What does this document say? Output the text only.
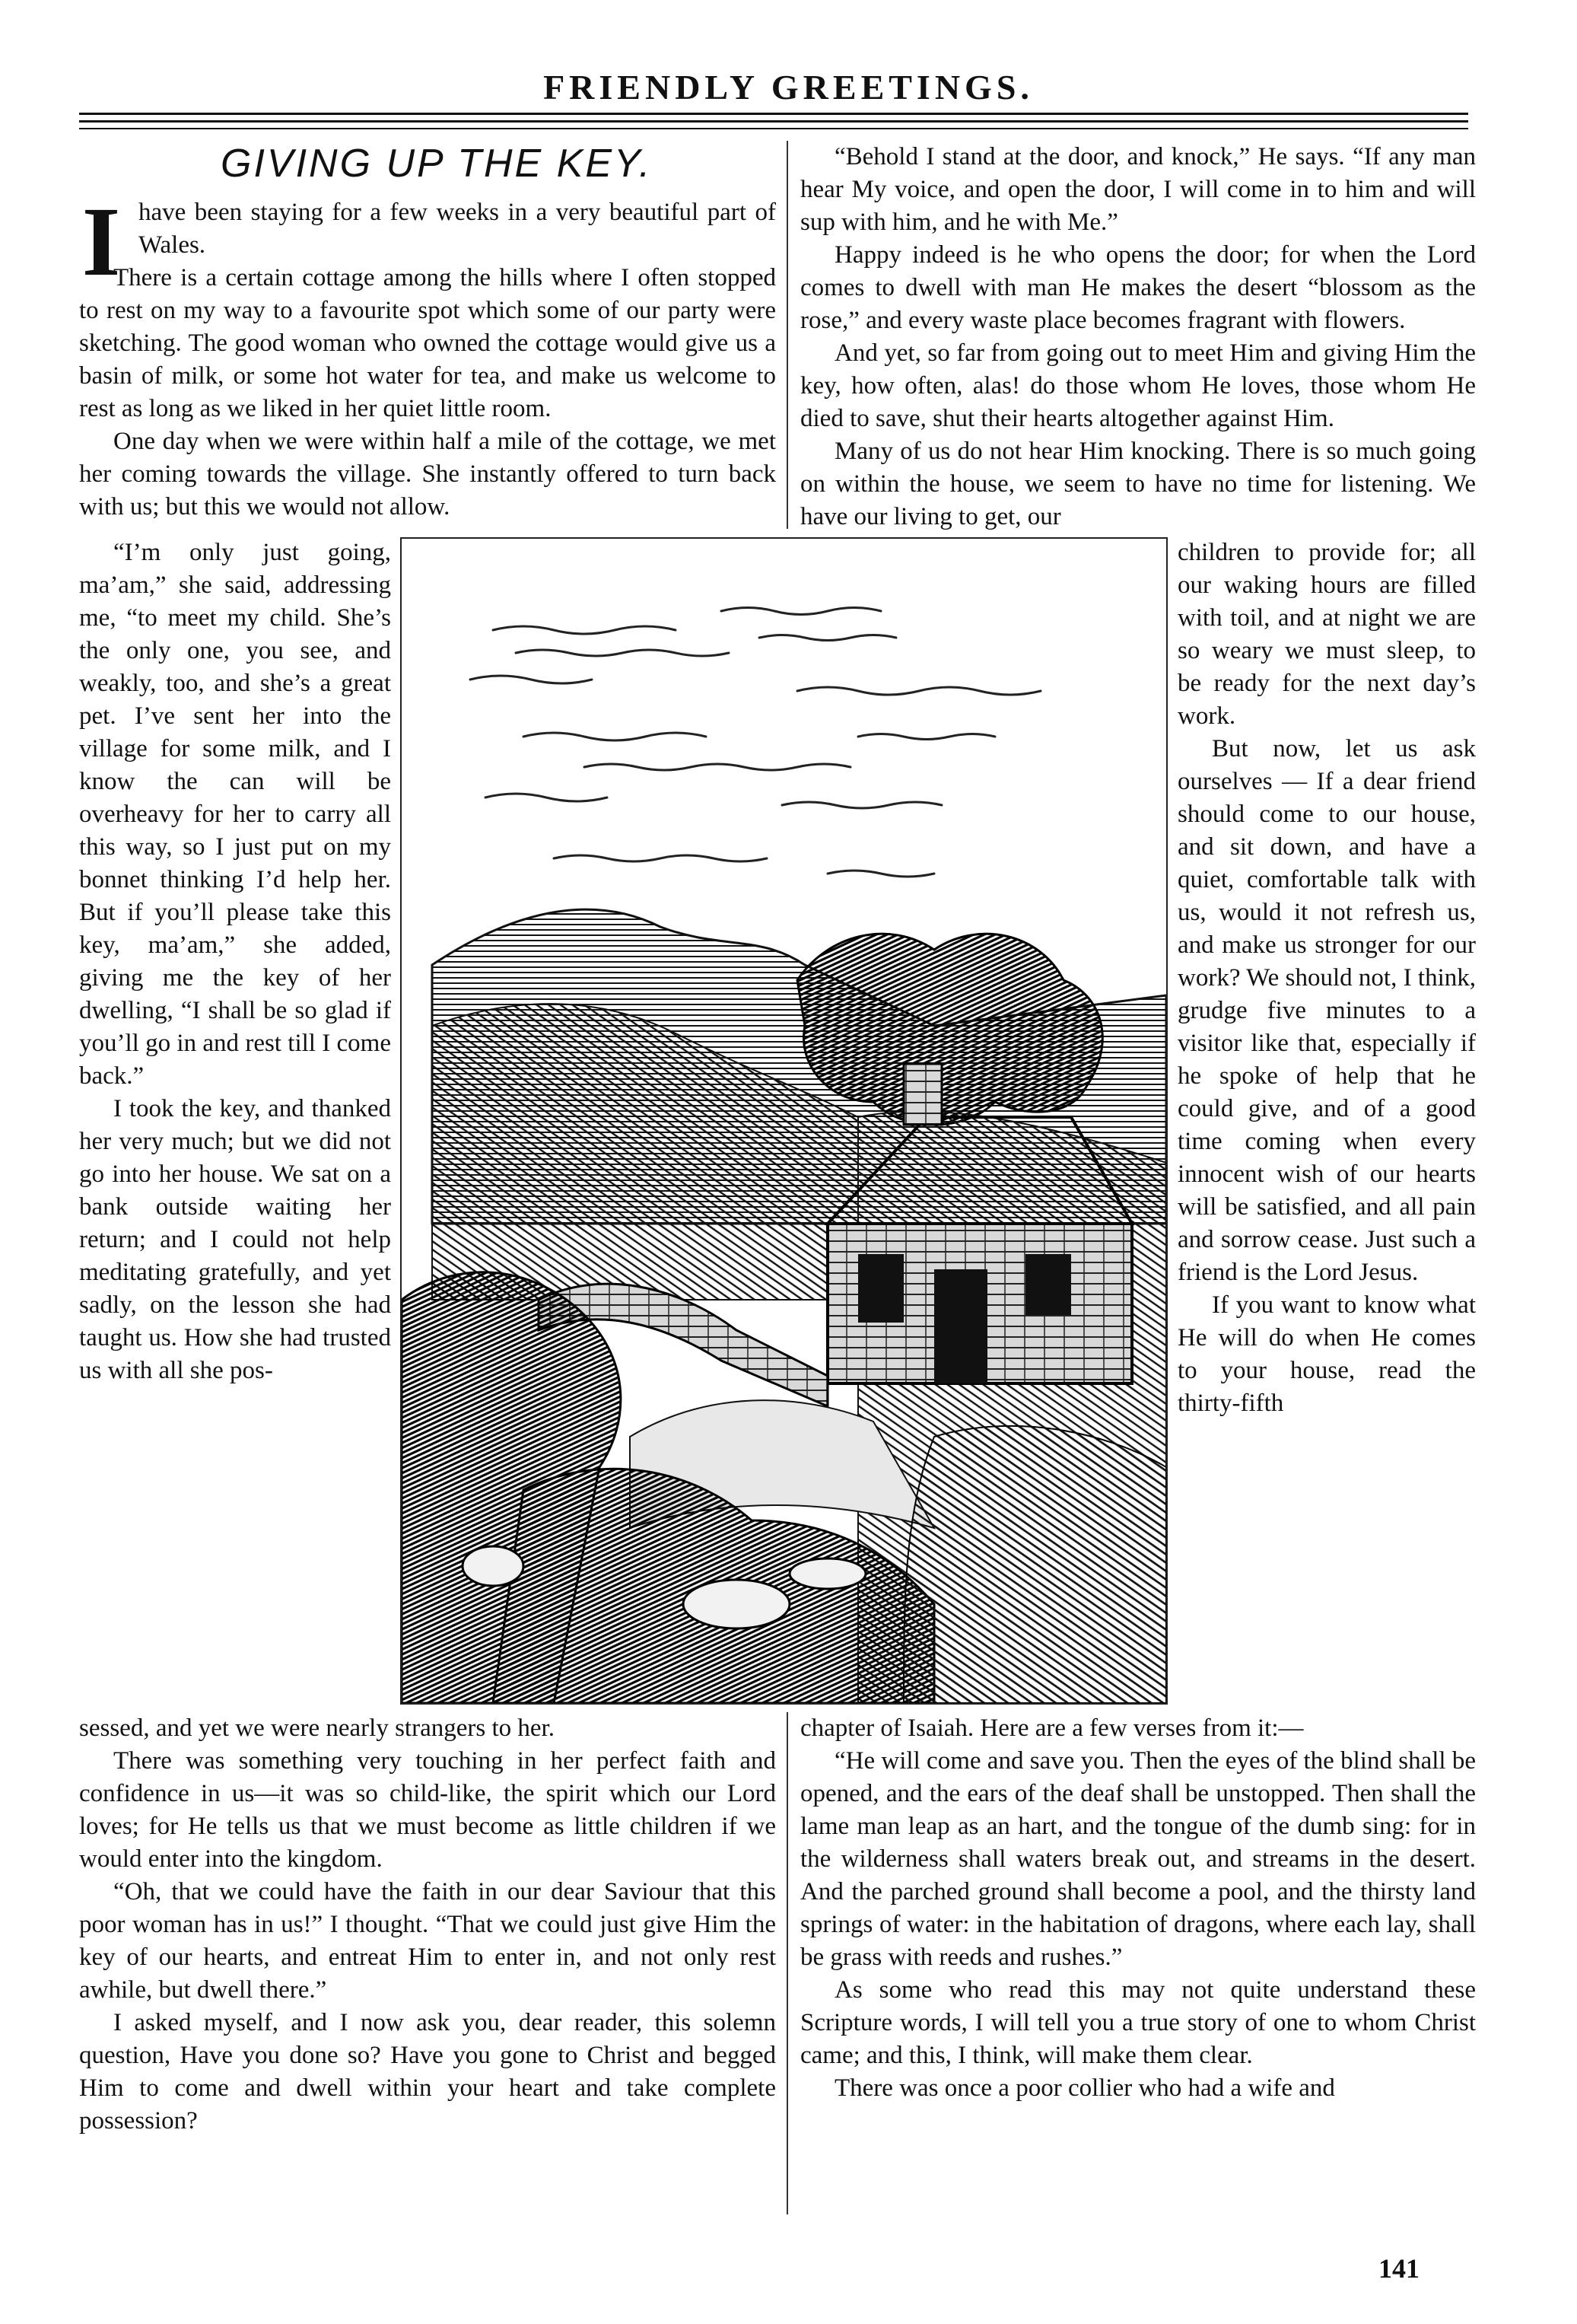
FRIENDLY GREETINGS.
GIVING UP THE KEY.
I have been staying for a few weeks in a very beautiful part of Wales.

There is a certain cottage among the hills where I often stopped to rest on my way to a favourite spot which some of our party were sketching. The good woman who owned the cottage would give us a basin of milk, or some hot water for tea, and make us welcome to rest as long as we liked in her quiet little room.

One day when we were within half a mile of the cottage, we met her coming towards the village. She instantly offered to turn back with us; but this we would not allow.

“I’m only just going, ma’am,” she said, addressing me, “to meet my child. She’s the only one, you see, and weakly, too, and she’s a great pet. I’ve sent her into the village for some milk, and I know the can will be overheavy for her to carry all this way, so I just put on my bonnet thinking I’d help her. But if you’ll please take this key, ma’am,” she added, giving me the key of her dwelling, “I shall be so glad if you’ll go in and rest till I come back.”

I took the key, and thanked her very much; but we did not go into her house. We sat on a bank outside waiting her return; and I could not help meditating gratefully, and yet sadly, on the lesson she had taught us. How she had trusted us with all she pos-

sessed, and yet we were nearly strangers to her.

There was something very touching in her perfect faith and confidence in us—it was so child-like, the spirit which our Lord loves; for He tells us that we must become as little children if we would enter into the kingdom.

“Oh, that we could have the faith in our dear Saviour that this poor woman has in us!” I thought. “That we could just give Him the key of our hearts, and entreat Him to enter in, and not only rest awhile, but dwell there.”

I asked myself, and I now ask you, dear reader, this solemn question, Have you done so? Have you gone to Christ and begged Him to come and dwell within your heart and take complete possession?

“Behold I stand at the door, and knock,” He says. “If any man hear My voice, and open the door, I will come in to him and will sup with him, and he with Me.”

Happy indeed is he who opens the door; for when the Lord comes to dwell with man He makes the desert “blossom as the rose,” and every waste place becomes fragrant with flowers.

And yet, so far from going out to meet Him and giving Him the key, how often, alas! do those whom He loves, those whom He died to save, shut their hearts altogether against Him.

Many of us do not hear Him knocking. There is so much going on within the house, we seem to have no time for listening. We have our living to get, our

children to provide for; all our waking hours are filled with toil, and at night we are so weary we must sleep, to be ready for the next day’s work.

But now, let us ask ourselves — If a dear friend should come to our house, and sit down, and have a quiet, comfortable talk with us, would it not refresh us, and make us stronger for our work? We should not, I think, grudge five minutes to a visitor like that, especially if he spoke of help that he could give, and of a good time coming when every innocent wish of our hearts will be satisfied, and all pain and sorrow cease. Just such a friend is the Lord Jesus.

If you want to know what He will do when He comes to your house, read the thirty-fifth

chapter of Isaiah. Here are a few verses from it:—

“He will come and save you. Then the eyes of the blind shall be opened, and the ears of the deaf shall be unstopped. Then shall the lame man leap as an hart, and the tongue of the dumb sing: for in the wilderness shall waters break out, and streams in the desert. And the parched ground shall become a pool, and the thirsty land springs of water: in the habitation of dragons, where each lay, shall be grass with reeds and rushes.”

As some who read this may not quite understand these Scripture words, I will tell you a true story of one to whom Christ came; and this, I think, will make them clear.

There was once a poor collier who had a wife and

141
